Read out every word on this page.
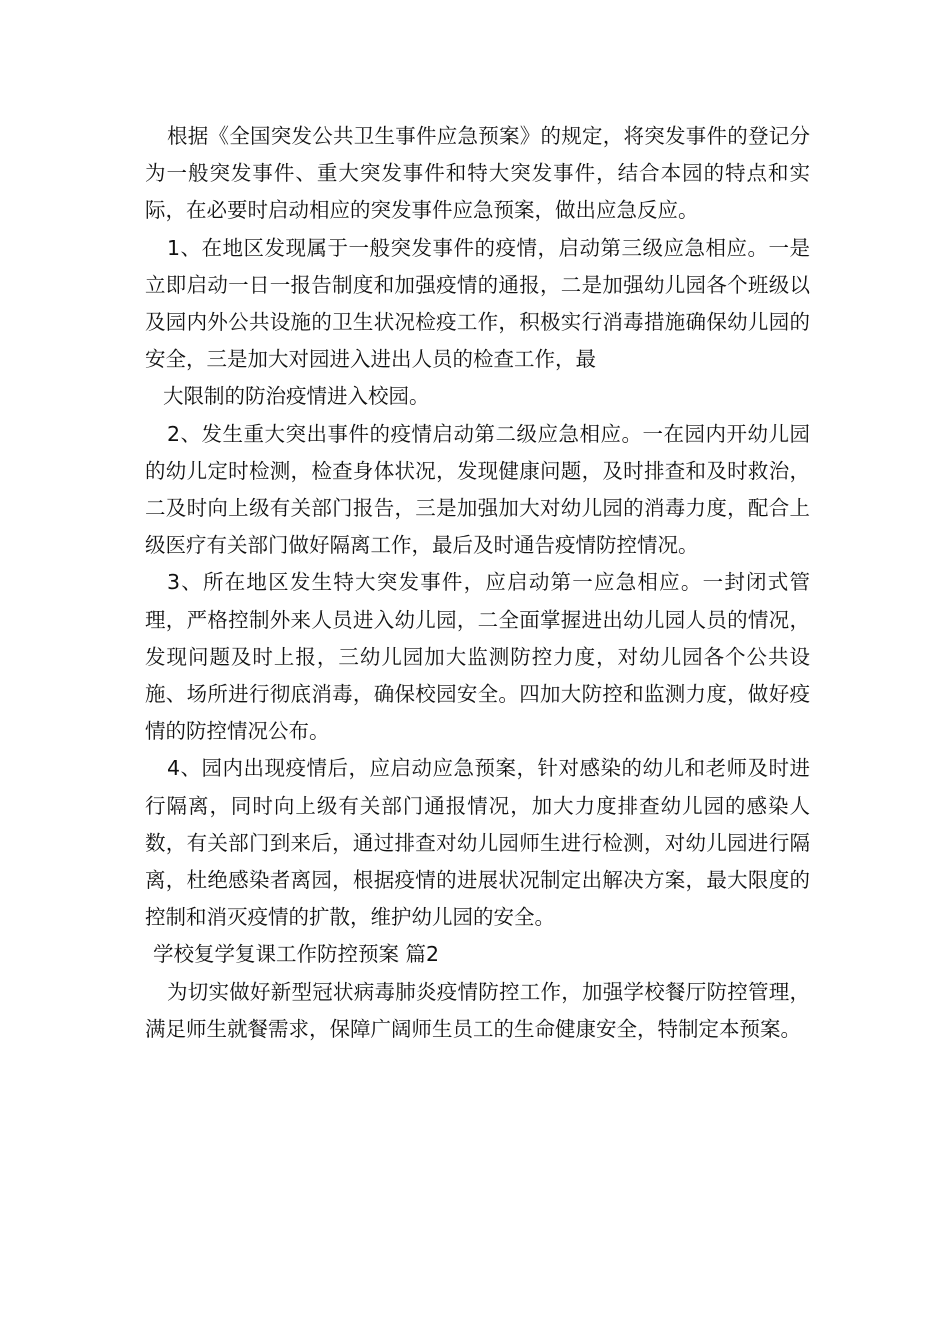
根据《全国突发公共卫生事件应急预案》的规定，将突发事件的登记分为一般突发事件、重大突发事件和特大突发事件，结合本园的特点和实际，在必要时启动相应的突发事件应急预案，做出应急反应。

1、在地区发现属于一般突发事件的疫情，启动第三级应急相应。一是立即启动一日一报告制度和加强疫情的通报，二是加强幼儿园各个班级以及园内外公共设施的卫生状况检疫工作，积极实行消毒措施确保幼儿园的安全，三是加大对园进入进出人员的检查工作，最

大限制的防治疫情进入校园。

2、发生重大突出事件的疫情启动第二级应急相应。一在园内开幼儿园的幼儿定时检测，检查身体状况，发现健康问题，及时排查和及时救治，二及时向上级有关部门报告，三是加强加大对幼儿园的消毒力度，配合上级医疗有关部门做好隔离工作，最后及时通告疫情防控情况。

3、所在地区发生特大突发事件，应启动第一应急相应。一封闭式管理，严格控制外来人员进入幼儿园，二全面掌握进出幼儿园人员的情况，发现问题及时上报，三幼儿园加大监测防控力度，对幼儿园各个公共设施、场所进行彻底消毒，确保校园安全。四加大防控和监测力度，做好疫情的防控情况公布。

4、园内出现疫情后，应启动应急预案，针对感染的幼儿和老师及时进行隔离，同时向上级有关部门通报情况，加大力度排查幼儿园的感染人数，有关部门到来后，通过排查对幼儿园师生进行检测，对幼儿园进行隔离，杜绝感染者离园，根据疫情的进展状况制定出解决方案，最大限度的控制和消灭疫情的扩散，维护幼儿园的安全。

学校复学复课工作防控预案 篇2

为切实做好新型冠状病毒肺炎疫情防控工作，加强学校餐厅防控管理，满足师生就餐需求，保障广阔师生员工的生命健康安全，特制定本预案。
